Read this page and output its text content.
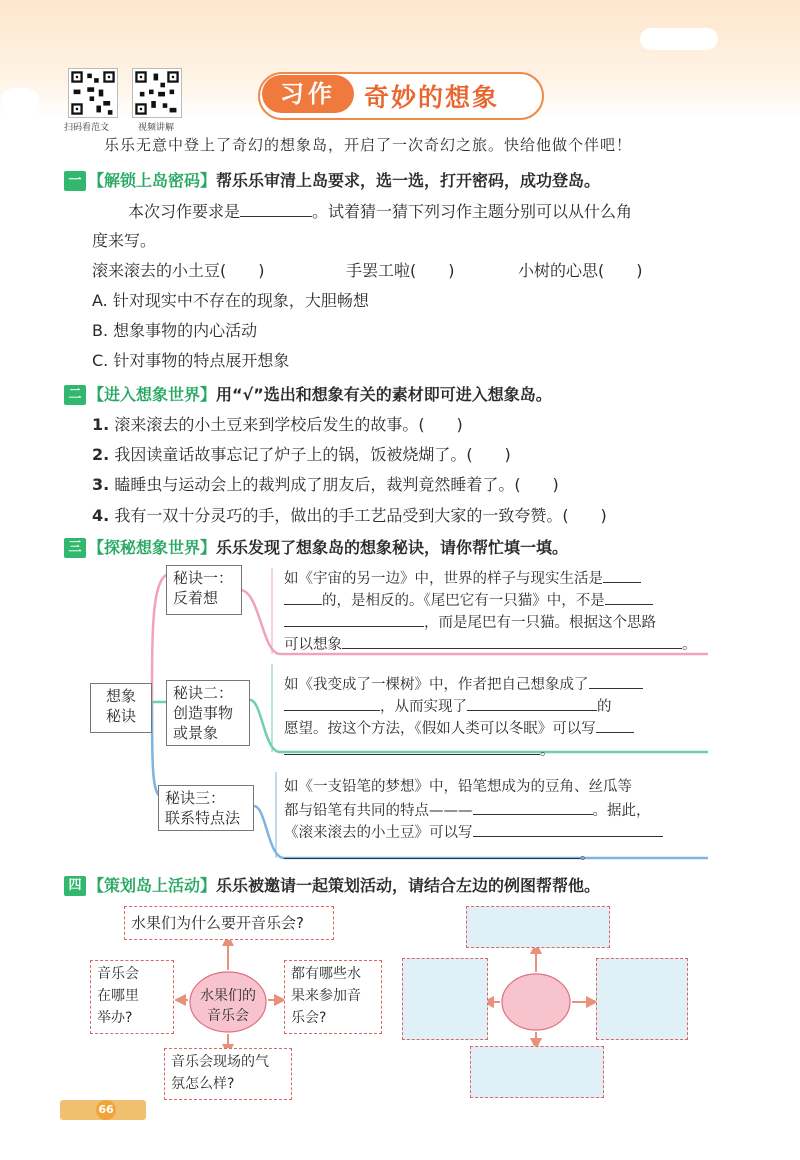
扫码看范文	视频讲解
习作	奇妙的想象
乐乐无意中登上了奇幻的想象岛，开启了一次奇幻之旅。快给他做个伴吧！
一 【解锁上岛密码】帮乐乐审清上岛要求，选一选，打开密码，成功登岛。
本次习作要求是	。试着猜一猜下列习作主题分别可以从什么角
度来写。
滚来滚去的小土豆(　　)	手罢工啦(　　)	小树的心思(　　)
A. 针对现实中不存在的现象，大胆畅想
B. 想象事物的内心活动
C. 针对事物的特点展开想象
二 【进入想象世界】用“√”选出和想象有关的素材即可进入想象岛。
1. 滚来滚去的小土豆来到学校后发生的故事。(　　)
2. 我因读童话故事忘记了炉子上的锅，饭被烧煳了。(　　)
3. 瞌睡虫与运动会上的裁判成了朋友后，裁判竟然睡着了。(　　)
4. 我有一双十分灵巧的手，做出的手工艺品受到大家的一致夸赞。(　　)
三 【探秘想象世界】乐乐发现了想象岛的想象秘诀，请你帮忙填一填。
想象
秘诀
秘诀一：
反着想
秘诀二：
创造事物
或景象
秘诀三：
联系特点法
如《宇宙的另一边》中，世界的样子与现实生活是
的，是相反的。《尾巴它有一只猫》中，不是
，而是尾巴有一只猫。根据这个思路
可以想象	。
如《我变成了一棵树》中，作者把自己想象成了
，从而实现了	的
愿望。按这个方法，《假如人类可以冬眠》可以写
。
如《一支铅笔的梦想》中，铅笔想成为的豆角、丝瓜等
都与铅笔有共同的特点———	。据此，
《滚来滚去的小土豆》可以写
。
四 【策划岛上活动】乐乐被邀请一起策划活动，请结合左边的例图帮帮他。
水果们的
音乐会
水果们为什么要开音乐会?
音乐会
在哪里
举办?
都有哪些水
果来参加音
乐会?
音乐会现场的气
氛怎么样?
66
